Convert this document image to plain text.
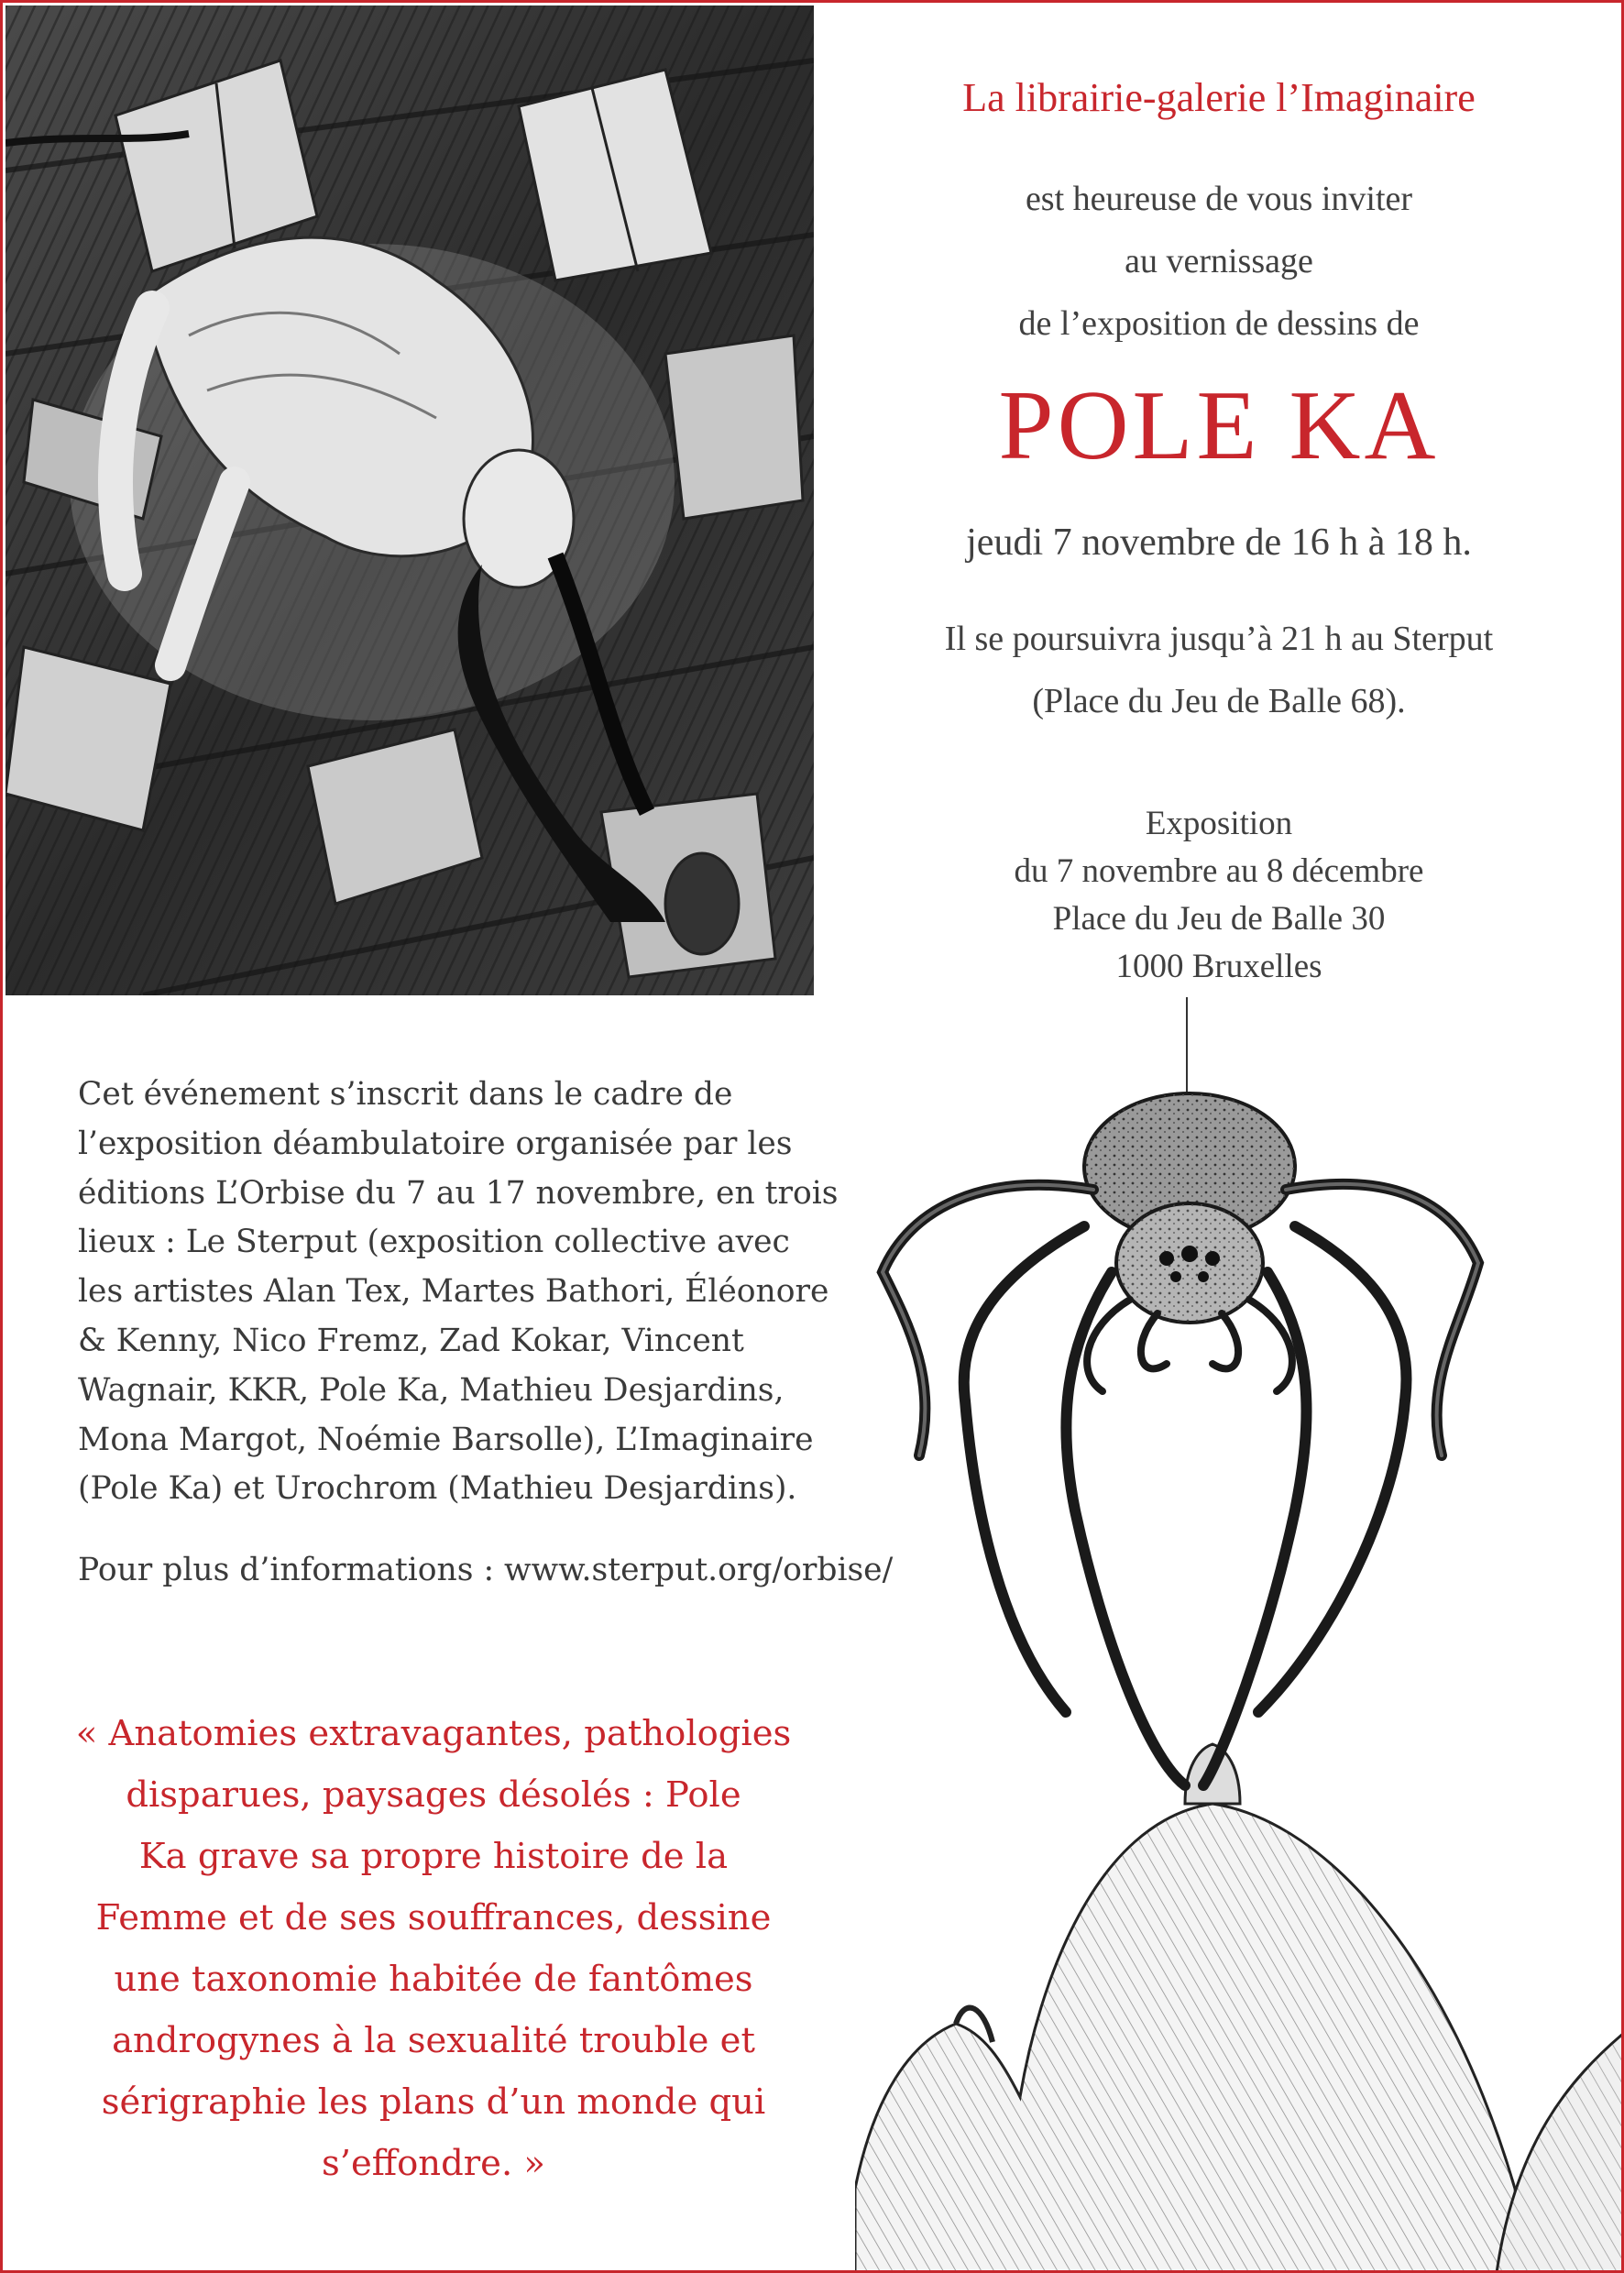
La librairie-galerie l’Imaginaire
est heureuse de vous inviter
au vernissage
de l’exposition de dessins de
POLE KA
jeudi 7 novembre de 16 h à 18 h.
Il se poursuivra jusqu’à 21 h au Sterput
(Place du Jeu de Balle 68).
Exposition
du 7 novembre au 8 décembre
Place du Jeu de Balle 30
1000 Bruxelles
Cet événement s’inscrit dans le cadre de
l’exposition déambulatoire organisée par les
éditions L’Orbise du 7 au 17 novembre, en trois
lieux : Le Sterput (exposition collective avec
les artistes Alan Tex, Martes Bathori, Éléonore
& Kenny, Nico Fremz, Zad Kokar, Vincent
Wagnair, KKR, Pole Ka, Mathieu Desjardins,
Mona Margot, Noémie Barsolle), L’Imaginaire
(Pole Ka) et Urochrom (Mathieu Desjardins).
Pour plus d’informations : www.sterput.org/orbise/
« Anatomies extravagantes, pathologies
disparues, paysages désolés : Pole
Ka grave sa propre histoire de la
Femme et de ses souffrances, dessine
une taxonomie habitée de fantômes
androgynes à la sexualité trouble et
sérigraphie les plans d’un monde qui
s’effondre. »
